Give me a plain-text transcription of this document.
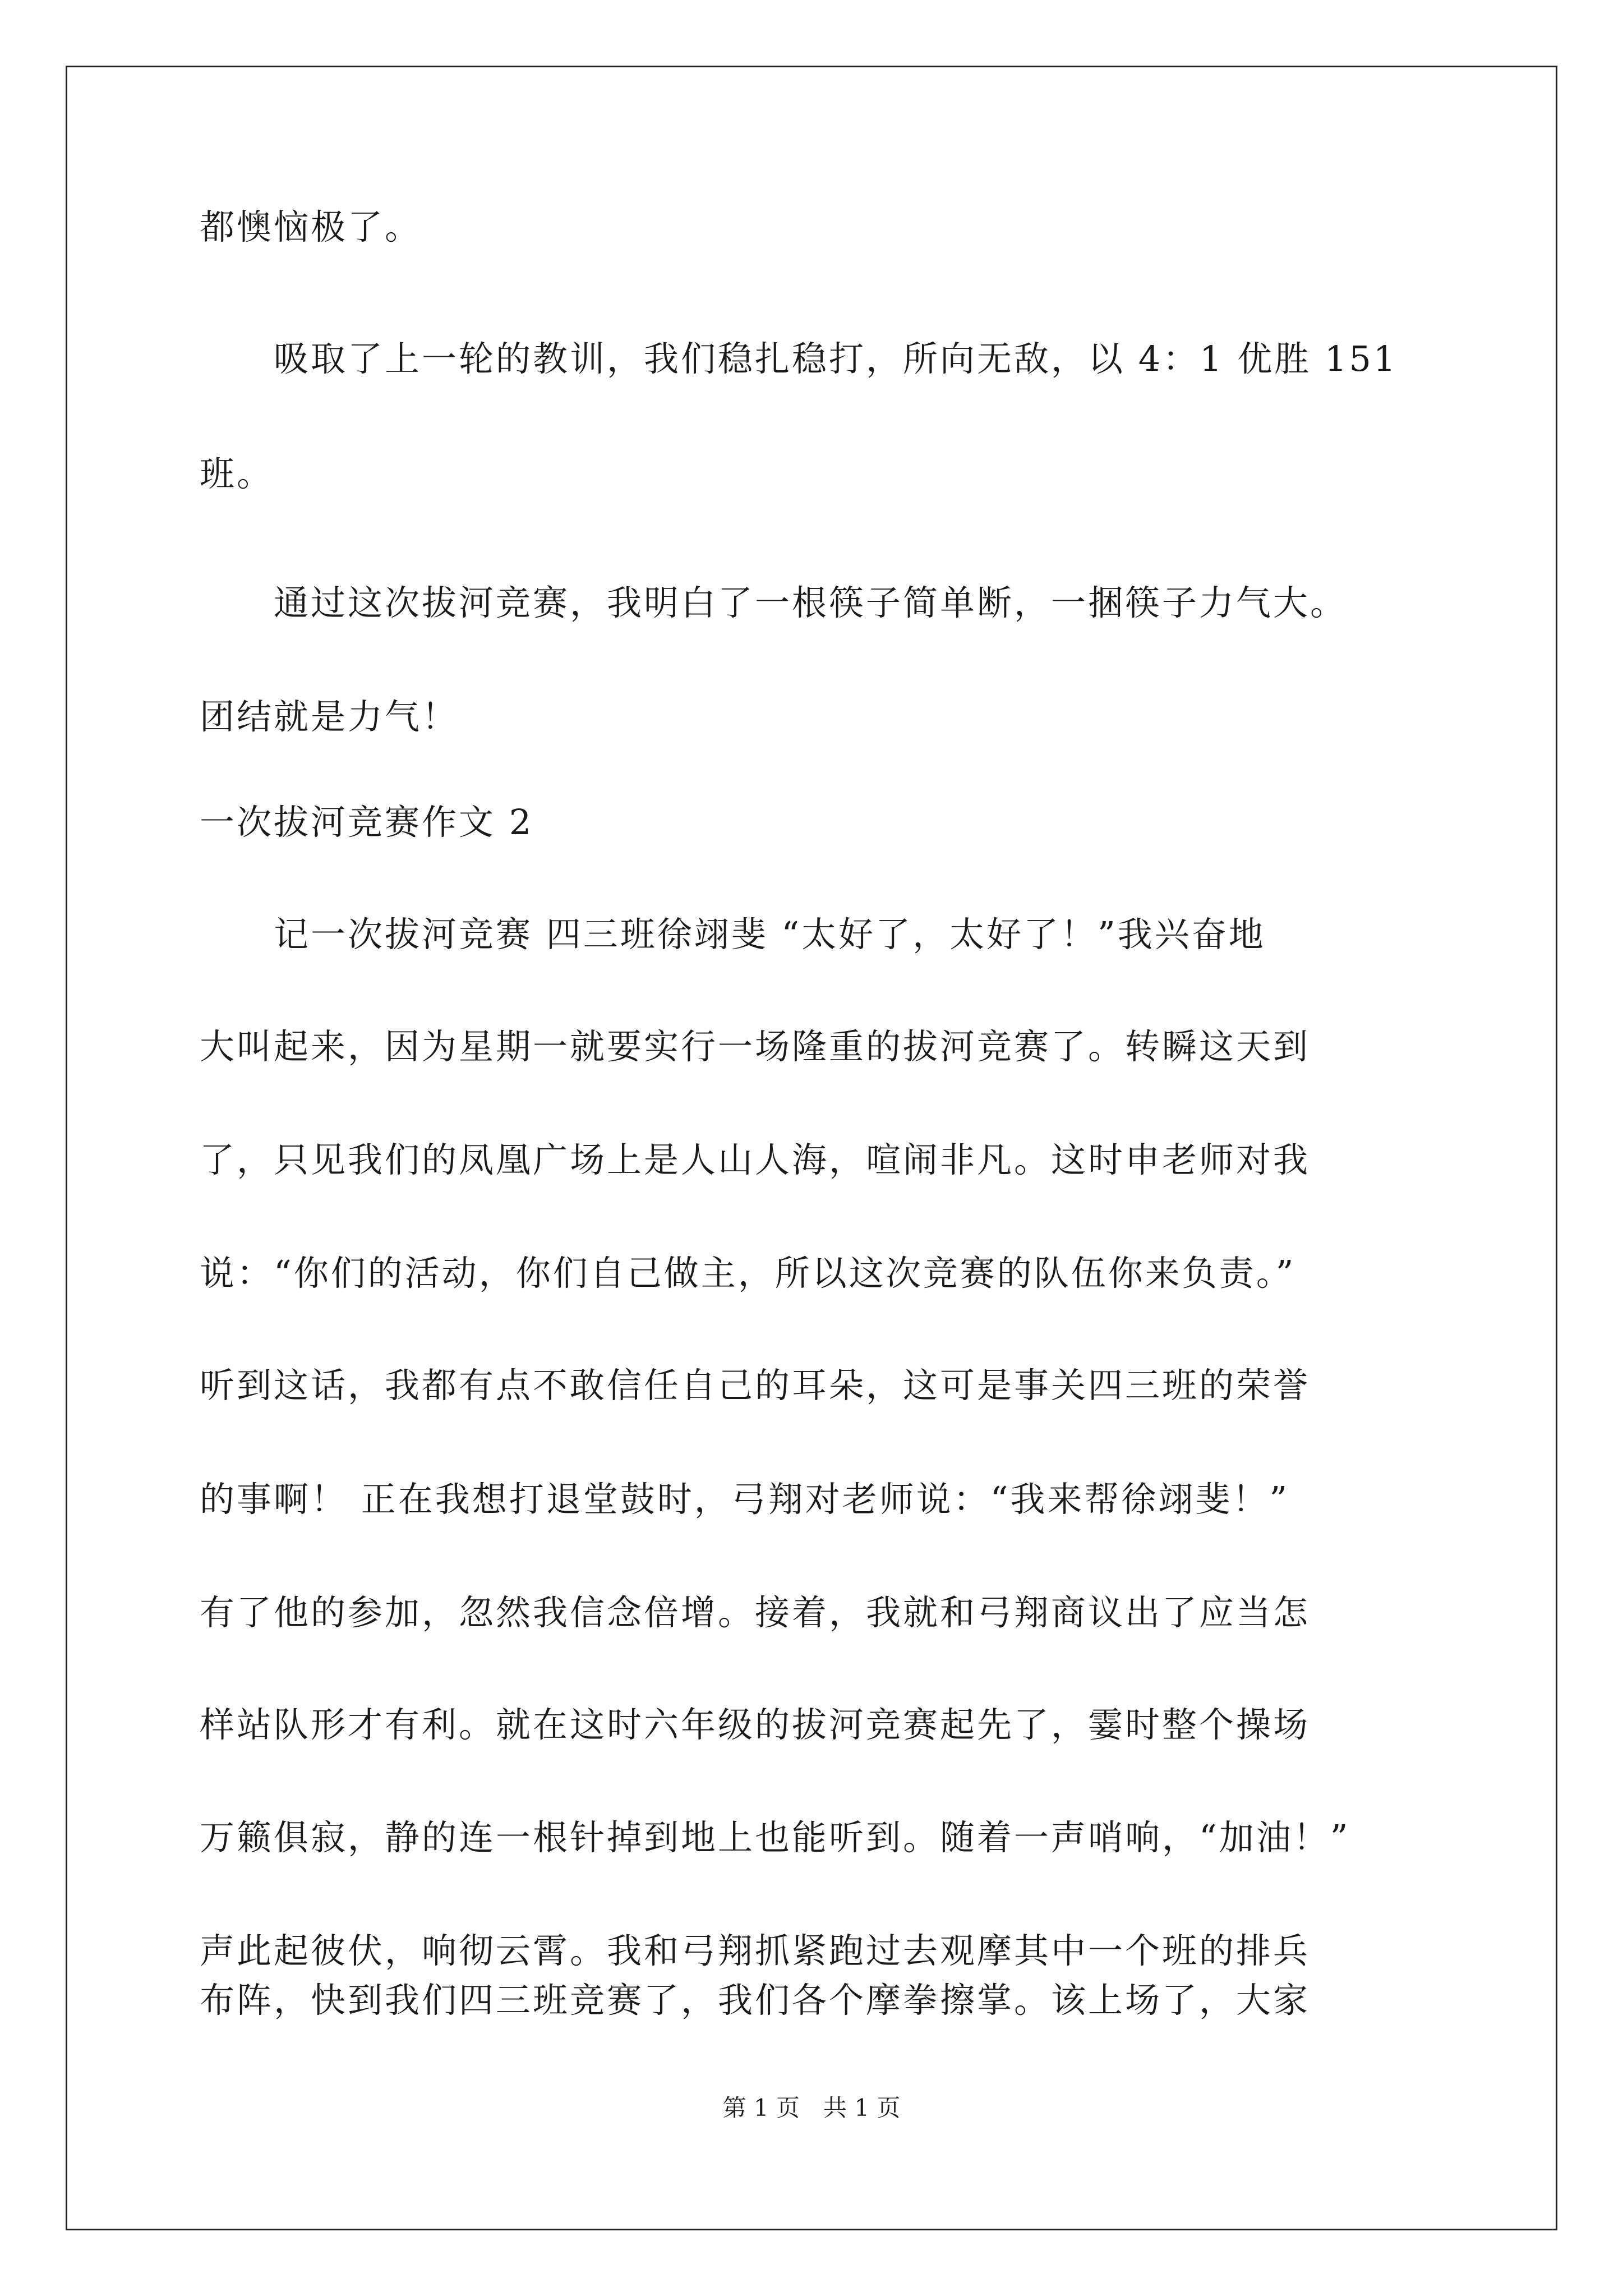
都懊恼极了。
　　吸取了上一轮的教训，我们稳扎稳打，所向无敌，以 4：1 优胜 151
班。
　　通过这次拔河竞赛，我明白了一根筷子简单断，一捆筷子力气大。
团结就是力气！
一次拔河竞赛作文 2
　　记一次拔河竞赛 四三班徐翊斐 “太好了，太好了！”我兴奋地
大叫起来，因为星期一就要实行一场隆重的拔河竞赛了。转瞬这天到
了，只见我们的凤凰广场上是人山人海，喧闹非凡。这时申老师对我
说：“你们的活动，你们自己做主，所以这次竞赛的队伍你来负责。”
听到这话，我都有点不敢信任自己的耳朵，这可是事关四三班的荣誉
的事啊！ 正在我想打退堂鼓时，弓翔对老师说：“我来帮徐翊斐！”
有了他的参加，忽然我信念倍增。接着，我就和弓翔商议出了应当怎
样站队形才有利。就在这时六年级的拔河竞赛起先了，霎时整个操场
万籁俱寂，静的连一根针掉到地上也能听到。随着一声哨响，“加油！”
声此起彼伏，响彻云霄。我和弓翔抓紧跑过去观摩其中一个班的排兵
布阵，快到我们四三班竞赛了，我们各个摩拳擦掌。该上场了，大家
第 1 页　共 1 页
